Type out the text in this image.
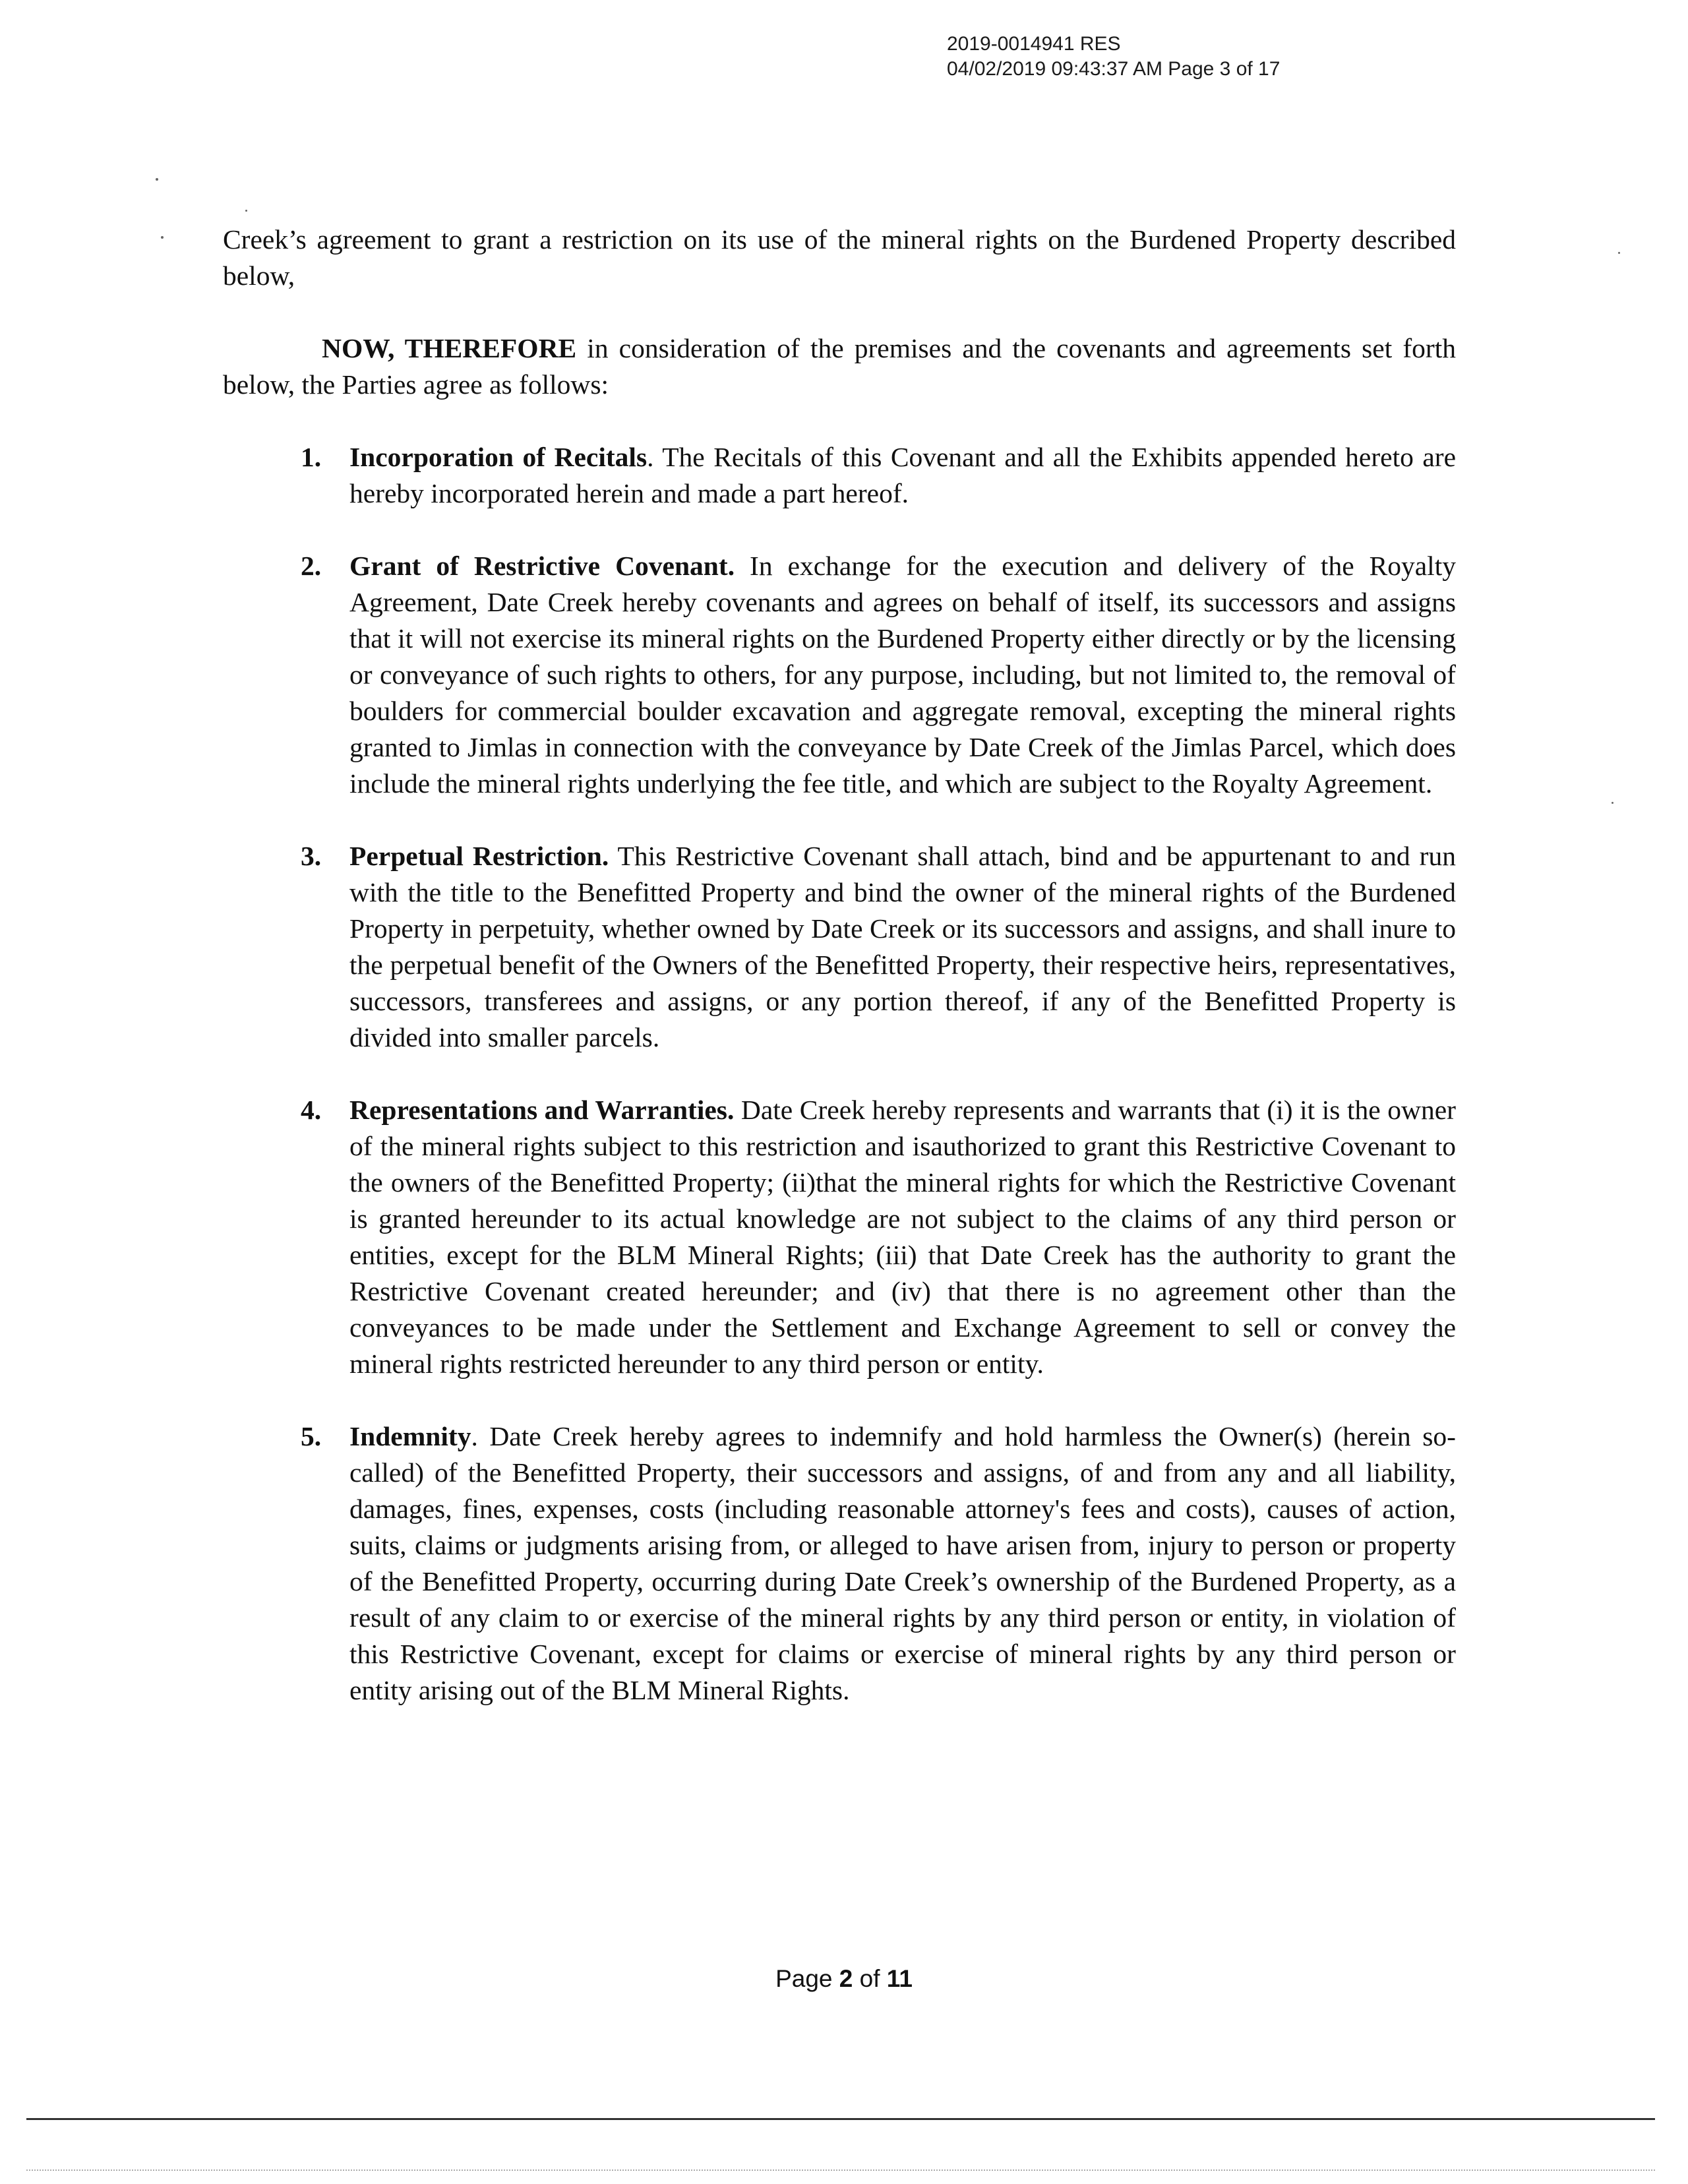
2019-0014941 RES
04/02/2019 09:43:37 AM Page 3 of 17

Creek’s agreement to grant a restriction on its use of the mineral rights on the Burdened Property described below,

NOW, THEREFORE in consideration of the premises and the covenants and agreements set forth below, the Parties agree as follows:

1. Incorporation of Recitals. The Recitals of this Covenant and all the Exhibits appended hereto are hereby incorporated herein and made a part hereof.
2. Grant of Restrictive Covenant. In exchange for the execution and delivery of the Royalty Agreement, Date Creek hereby covenants and agrees on behalf of itself, its successors and assigns that it will not exercise its mineral rights on the Burdened Property either directly or by the licensing or conveyance of such rights to others, for any purpose, including, but not limited to, the removal of boulders for commercial boulder excavation and aggregate removal, excepting the mineral rights granted to Jimlas in connection with the conveyance by Date Creek of the Jimlas Parcel, which does include the mineral rights underlying the fee title, and which are subject to the Royalty Agreement.
3. Perpetual Restriction. This Restrictive Covenant shall attach, bind and be appurtenant to and run with the title to the Benefitted Property and bind the owner of the mineral rights of the Burdened Property in perpetuity, whether owned by Date Creek or its successors and assigns, and shall inure to the perpetual benefit of the Owners of the Benefitted Property, their respective heirs, representatives, successors, transferees and assigns, or any portion thereof, if any of the Benefitted Property is divided into smaller parcels.
4. Representations and Warranties. Date Creek hereby represents and warrants that (i) it is the owner of the mineral rights subject to this restriction and isauthorized to grant this Restrictive Covenant to the owners of the Benefitted Property; (ii)that the mineral rights for which the Restrictive Covenant is granted hereunder to its actual knowledge are not subject to the claims of any third person or entities, except for the BLM Mineral Rights; (iii) that Date Creek has the authority to grant the Restrictive Covenant created hereunder; and (iv) that there is no agreement other than the conveyances to be made under the Settlement and Exchange Agreement to sell or convey the mineral rights restricted hereunder to any third person or entity.
5. Indemnity. Date Creek hereby agrees to indemnify and hold harmless the Owner(s) (herein so-called) of the Benefitted Property, their successors and assigns, of and from any and all liability, damages, fines, expenses, costs (including reasonable attorney's fees and costs), causes of action, suits, claims or judgments arising from, or alleged to have arisen from, injury to person or property of the Benefitted Property, occurring during Date Creek’s ownership of the Burdened Property, as a result of any claim to or exercise of the mineral rights by any third person or entity, in violation of this Restrictive Covenant, except for claims or exercise of mineral rights by any third person or entity arising out of the BLM Mineral Rights.
Page 2 of 11
